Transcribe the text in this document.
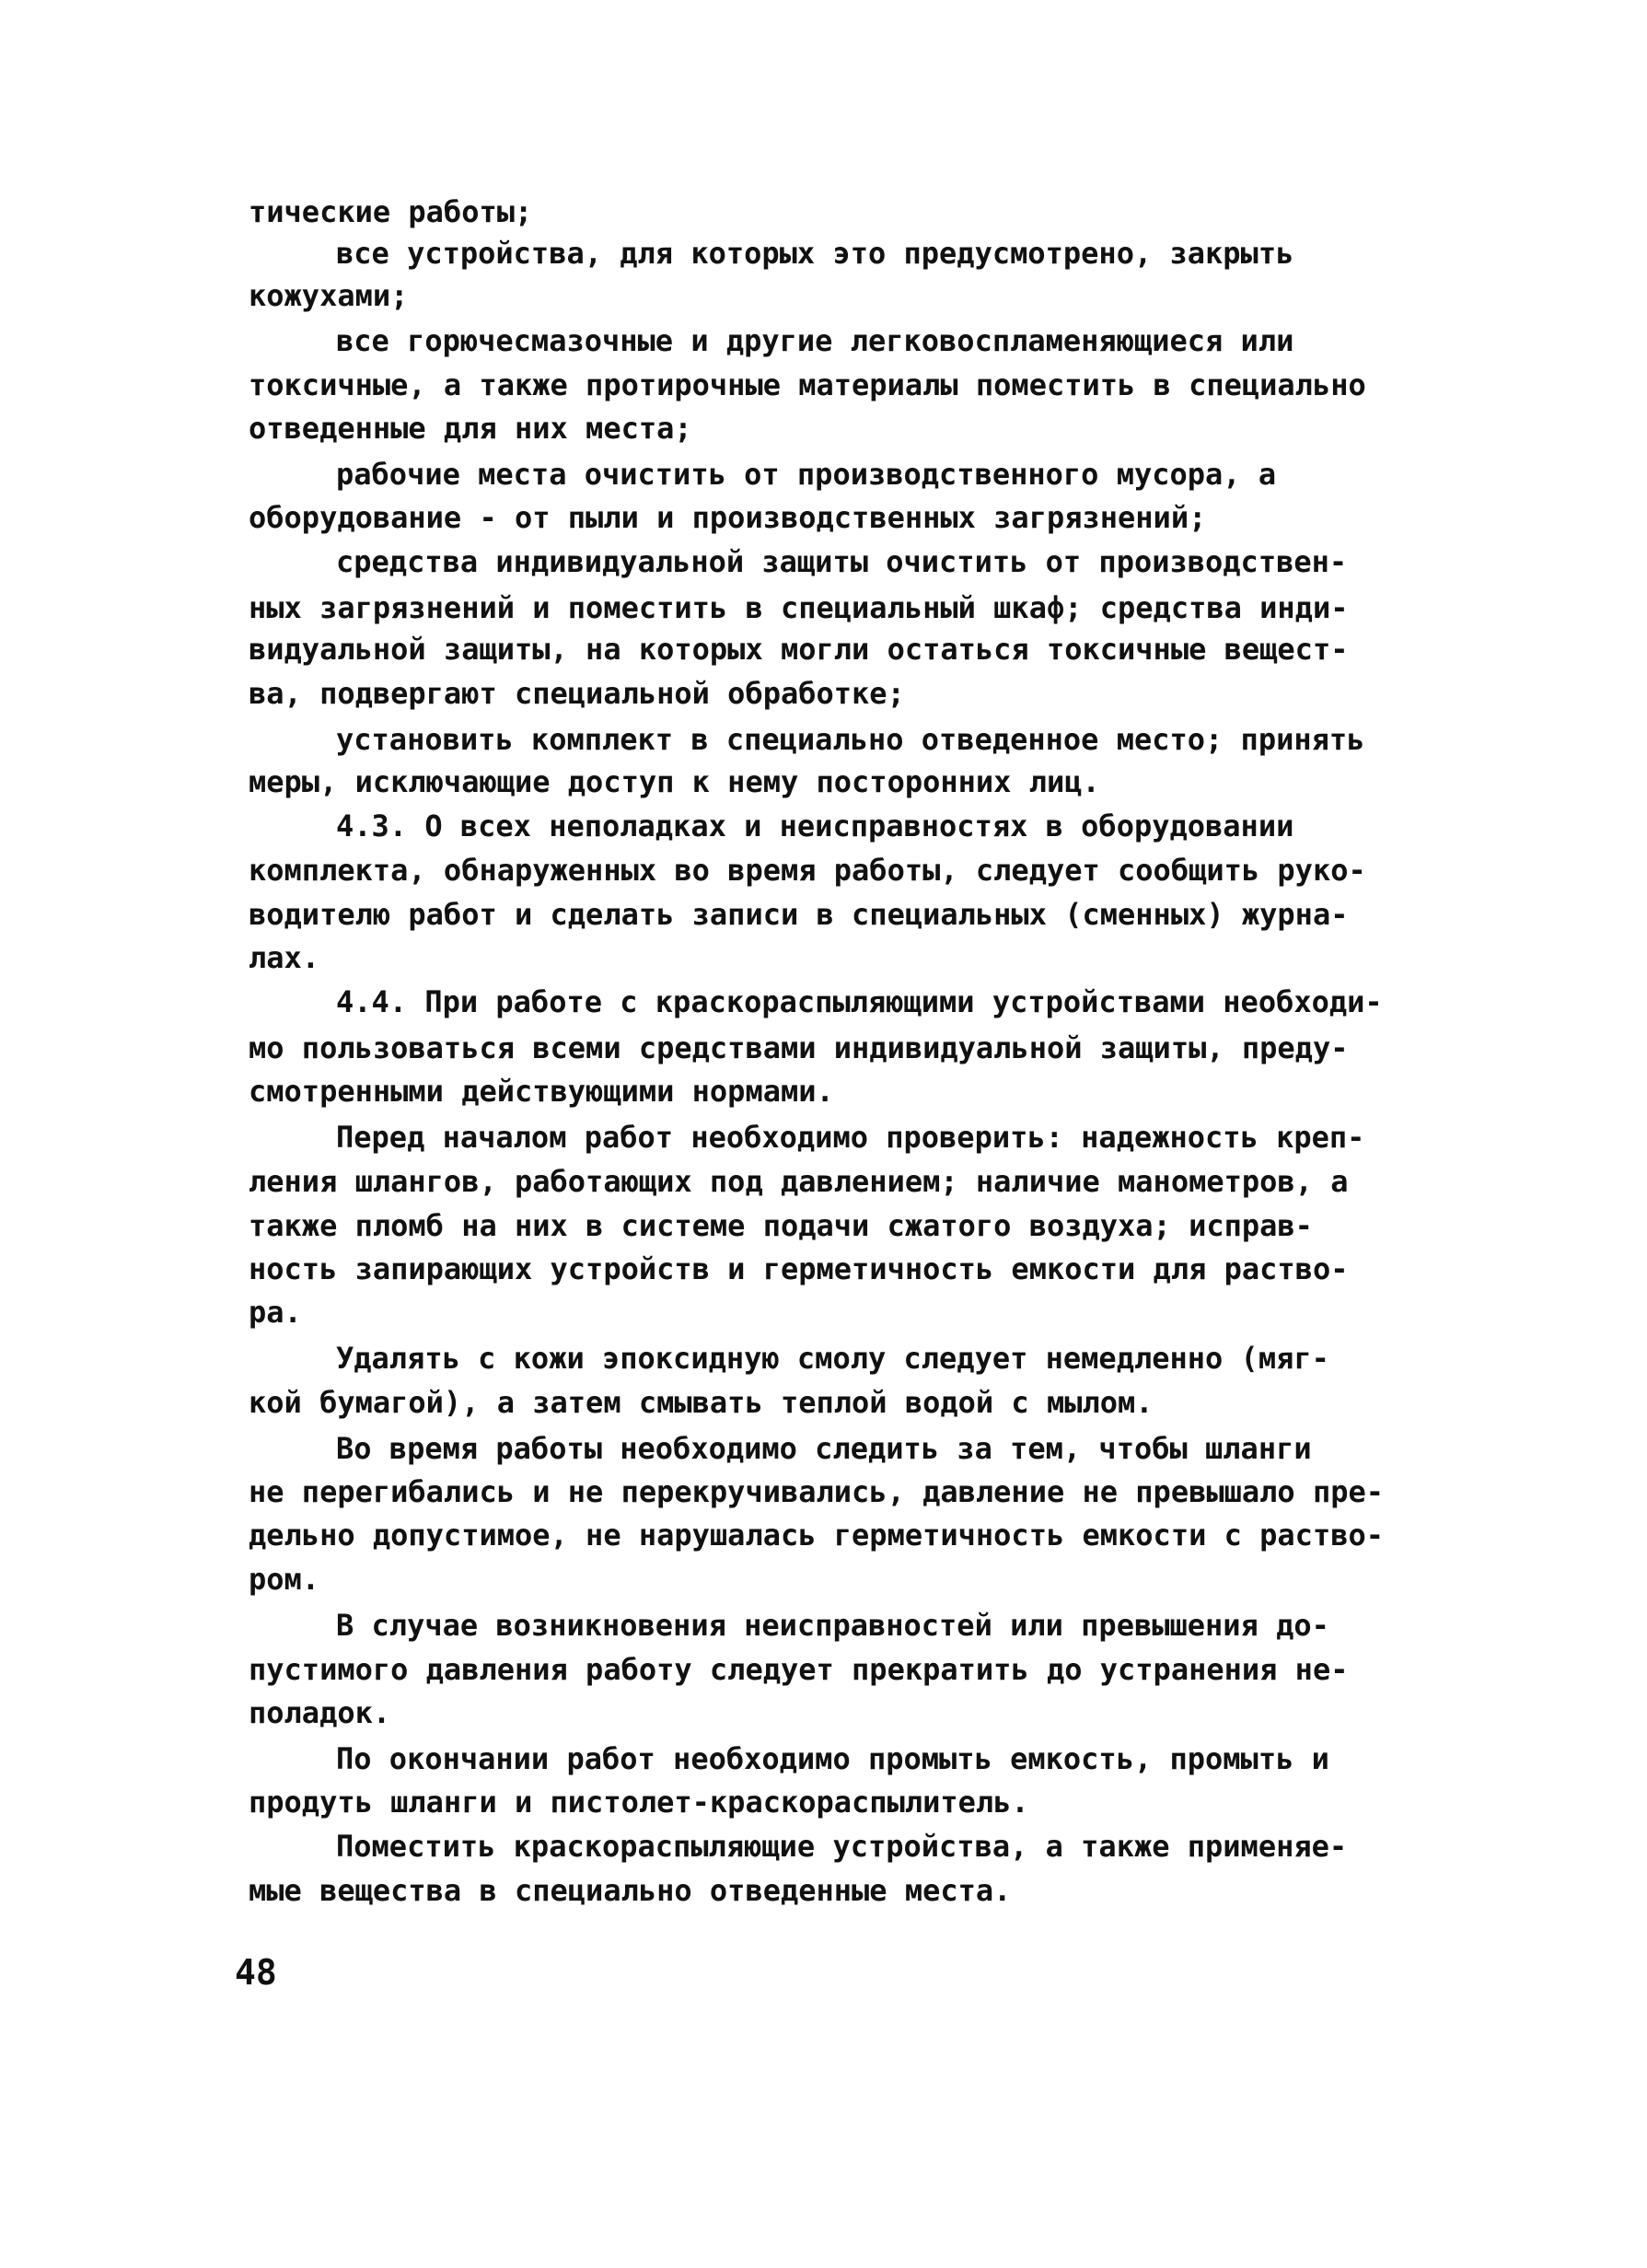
тические работы;

все устройства, для которых это предусмотрено, закрыть

кожухами;

все горючесмазочные и другие легковоспламеняющиеся или

токсичные, а также протирочные материалы поместить в специально

отведенные для них места;

рабочие места очистить от производственного мусора, а

оборудование - от пыли и производственных загрязнений;

средства индивидуальной защиты очистить от производствен-

ных загрязнений и поместить в специальный шкаф; средства инди-

видуальной защиты, на которых могли остаться токсичные вещест-

ва, подвергают специальной обработке;

установить комплект в специально отведенное место; принять

меры, исключающие доступ к нему посторонних лиц.

4.3. О всех неполадках и неисправностях в оборудовании

комплекта, обнаруженных во время работы, следует сообщить руко-

водителю работ и сделать записи в специальных (сменных) журна-

лах.

4.4. При работе с краскораспыляющими устройствами необходи-

мо пользоваться всеми средствами индивидуальной защиты, преду-

смотренными действующими нормами.

Перед началом работ необходимо проверить: надежность креп-

ления шлангов, работающих под давлением; наличие манометров, а

также пломб на них в системе подачи сжатого воздуха; исправ-

ность запирающих устройств и герметичность емкости для раство-

ра.

Удалять с кожи эпоксидную смолу следует немедленно (мяг-

кой бумагой), а затем смывать теплой водой с мылом.

Во время работы необходимо следить за тем, чтобы шланги

не перегибались и не перекручивались, давление не превышало пре-

дельно допустимое, не нарушалась герметичность емкости с раство-

ром.

В случае возникновения неисправностей или превышения до-

пустимого давления работу следует прекратить до устранения не-

поладок.

По окончании работ необходимо промыть емкость, промыть и

продуть шланги и пистолет-краскораспылитель.

Поместить краскораспыляющие устройства, а также применяе-

мые вещества в специально отведенные места.

48
